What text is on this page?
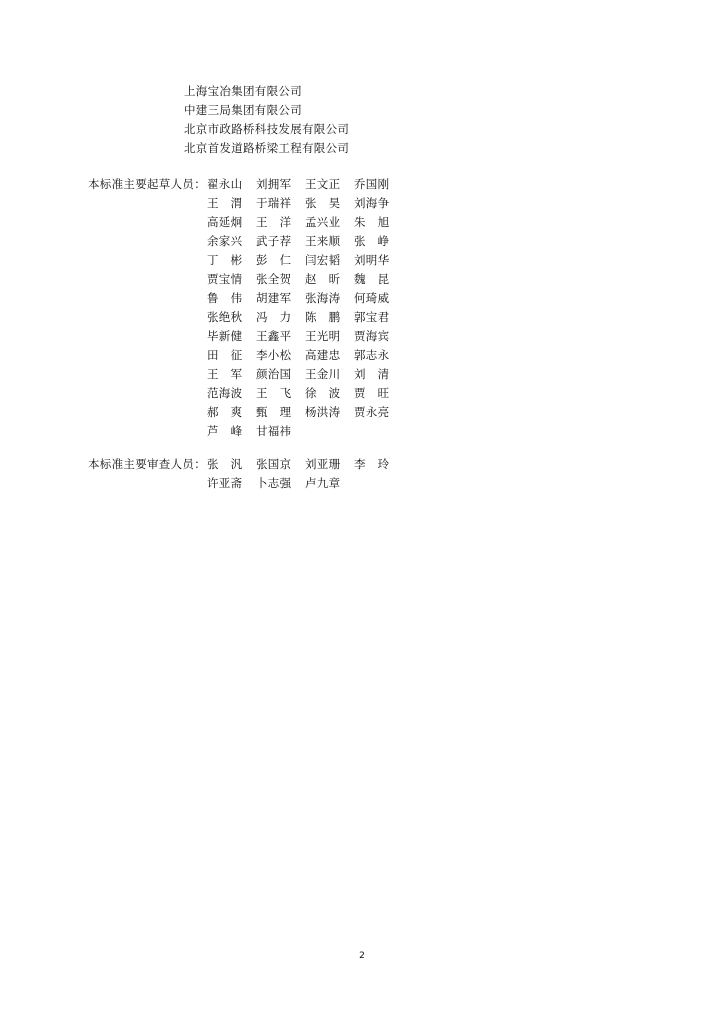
上海宝冶集团有限公司
中建三局集团有限公司
北京市政路桥科技发展有限公司
北京首发道路桥梁工程有限公司
本标准主要起草人员： 翟永山	刘拥军	王文正	乔国刚
王　渭	于瑞祥	张　昊	刘海争
高延炯	王　洋	孟兴业	朱　旭
余家兴	武子荐	王来顺	张　峥
丁　彬	彭　仁	闫宏韬	刘明华
贾宝情	张全贺	赵　昕	魏　昆
鲁　伟	胡建军	张海涛	何琦威
张绝秋	冯　力	陈　鹏	郭宝君
毕新健	王鑫平	王光明	贾海宾
田　征	李小松	高建忠	郭志永
王　军	颜治国	王金川	刘　清
范海波	王　飞	徐　波	贾　旺
郝　爽	甄　理	杨洪涛	贾永亮
芦　峰	甘福祎
本标准主要审查人员： 张　汎	张国京	刘亚珊	李　玲
许亚斋	卜志强	卢九章
2
